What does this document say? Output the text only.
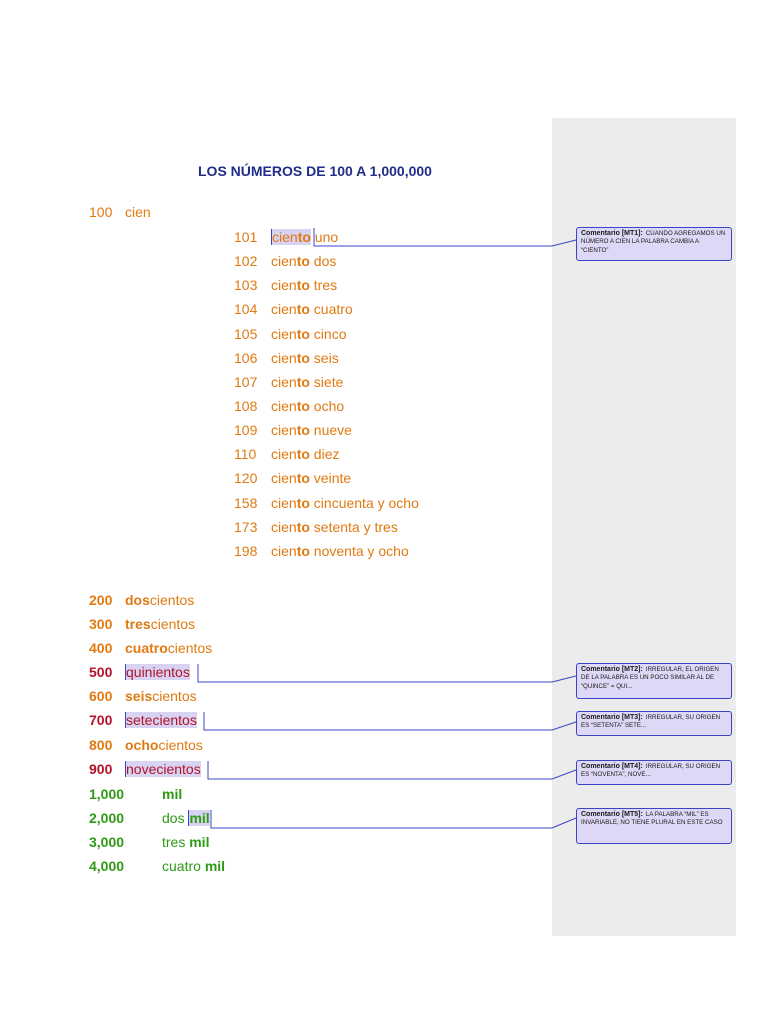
LOS NÚMEROS DE 100 A 1,000,000
100 cien
101 ciento uno
102 ciento dos
103 ciento tres
104 ciento cuatro
105 ciento cinco
106 ciento seis
107 ciento siete
108 ciento ocho
109 ciento nueve
110 ciento diez
120 ciento veinte
158 ciento cincuenta y ocho
173 ciento setenta y tres
198 ciento noventa y ocho
200 doscientos
300 trescientos
400 cuatrocientos
500 quinientos
600 seiscientos
700 setecientos
800 ochocientos
900 novecientos
1,000	mil
2,000	dos mil
3,000	tres mil
4,000	cuatro mil
Comentario [MT1]: CUANDO AGREGAMOS UN NÚMERO A CIEN LA PALABRA CAMBIA A “CIENTO”
Comentario [MT2]: IRREGULAR, EL ORIGEN DE LA PALABRA ES UN POCO SIMILAR AL DE “QUINCE” = QUI...
Comentario [MT3]: IRREGULAR, SU ORIGEN ES “SETENTA” SETE...
Comentario [MT4]: IRREGULAR, SU ORIGEN ES “NOVENTA”, NOVE...
Comentario [MT5]: LA PALABRA “MIL” ES INVARIABLE, NO TIENE PLURAL EN ESTE CASO
